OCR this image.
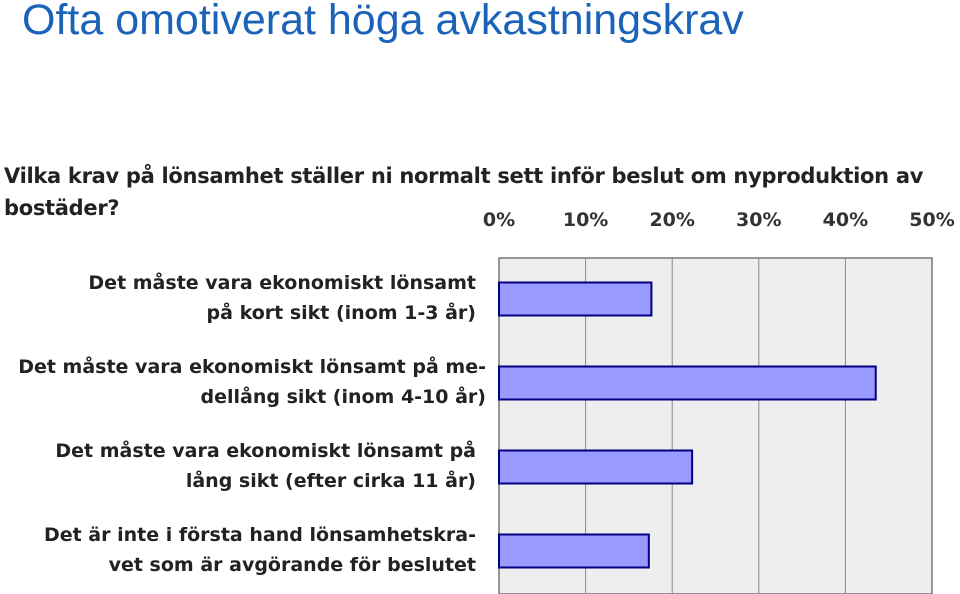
Ofta omotiverat höga avkastningskrav
Vilka krav på lönsamhet ställer ni normalt sett inför beslut om nyproduktion av bostäder?	0%	10% 20% 30% 40% 50%
Det måste vara ekonomiskt lönsamt
på kort sikt (inom 1-3 år)
Det måste vara ekonomiskt lönsamt på me-
dellång sikt (inom 4-10 år)
Det måste vara ekonomiskt lönsamt på
lång sikt (efter cirka 11 år)
Det är inte i första hand lönsamhetskra-
vet som är avgörande för beslutet
